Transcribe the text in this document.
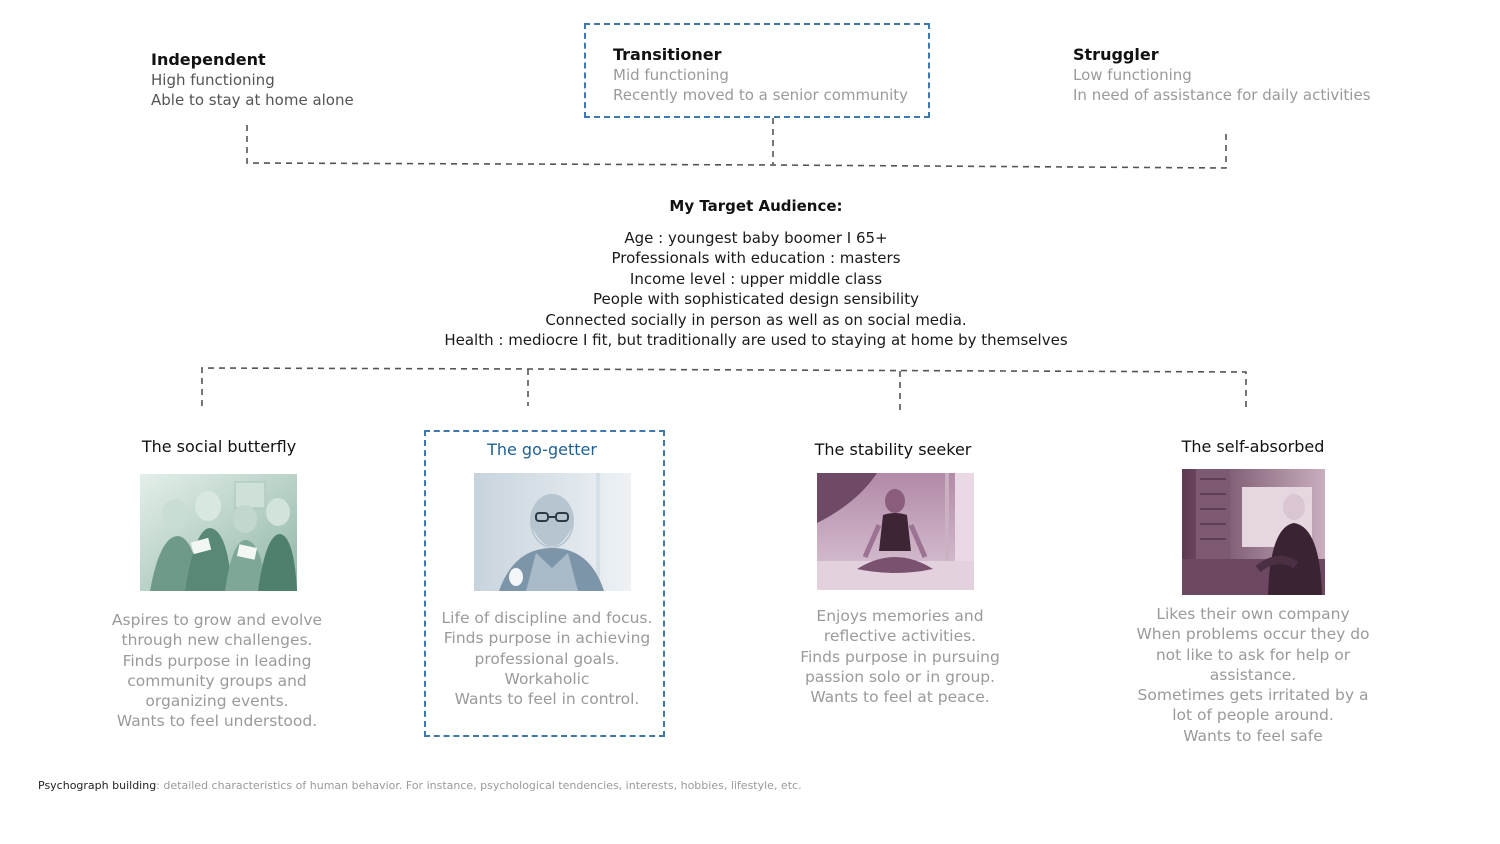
Independent
High functioning
Able to stay at home alone
Transitioner
Mid functioning
Recently moved to a senior community
Struggler
Low functioning
In need of assistance for daily activities
My Target Audience:
Age : youngest baby boomer I 65+
Professionals with education : masters
Income level : upper middle class
People with sophisticated design sensibility
Connected socially in person as well as on social media.
Health : mediocre I fit, but traditionally are used to staying at home by themselves
The social butterfly
Aspires to grow and evolve
through new challenges.
Finds purpose in leading
community groups and
organizing events.
Wants to feel understood.
The go-getter
Life of discipline and focus.
Finds purpose in achieving
professional goals.
Workaholic
Wants to feel in control.
The stability seeker
Enjoys memories and
reflective activities.
Finds purpose in pursuing
passion solo or in group.
Wants to feel at peace.
The self-absorbed
Likes their own company
When problems occur they do
not like to ask for help or
assistance.
Sometimes gets irritated by a
lot of people around.
Wants to feel safe
Psychograph building: detailed characteristics of human behavior. For instance, psychological tendencies, interests, hobbies, lifestyle, etc.
